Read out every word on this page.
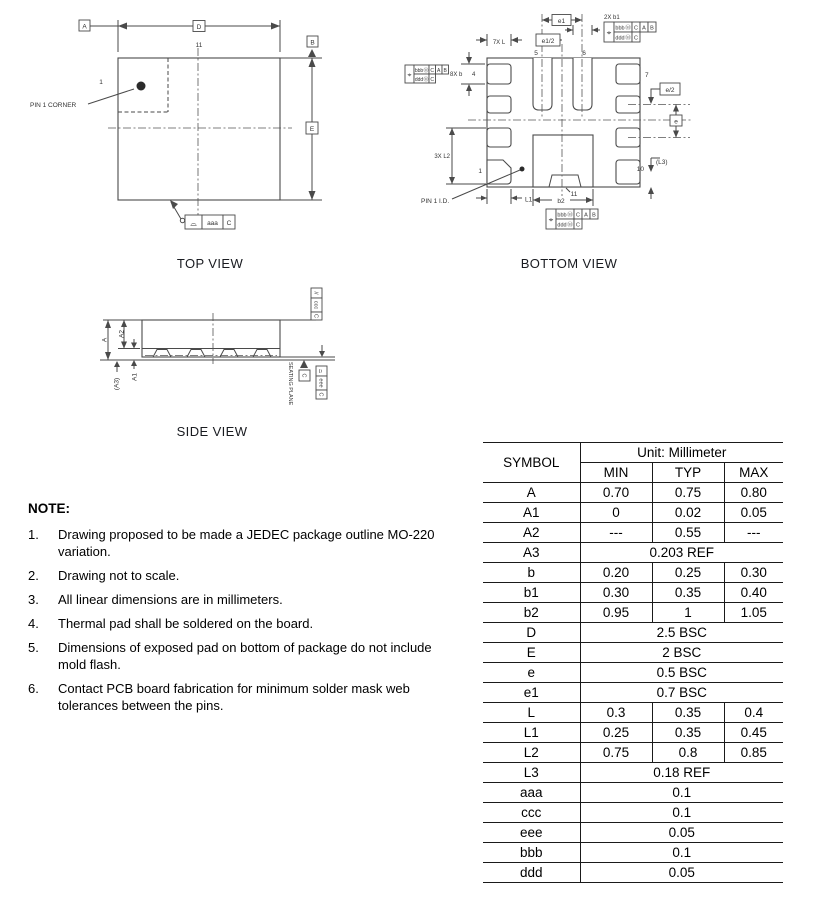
A	D
11
E
B
1
PIN 1 CORNER
⌓ aaa C
e1
e1/2
7X L
2X b1
⌖
bbb Ⓜ C A B
ddd Ⓜ C
8X b 4
⌖
bbb Ⓜ C A B
ddd Ⓜ C
e/2
e
(L3)
10
3X L2
PIN 1 I.D.	L1	b2
11
⌖
bbb Ⓜ C A B
ddd Ⓜ C
5	6
7
1
A
A2
A1
(A3)
//
ccc
C
SEATING PLANE C
⌓
eee
C
TOP VIEW	BOTTOM VIEW
SIDE VIEW
NOTE:
1.	Drawing proposed to be made a JEDEC package outline MO-220 variation.
2.	Drawing not to scale.
3.	All linear dimensions are in millimeters.
4.	Thermal pad shall be soldered on the board.
5.	Dimensions of exposed pad on bottom of package do not include mold flash.
6.	Contact PCB board fabrication for minimum solder mask web tolerances between the pins.
SYMBOL	Unit: Millimeter		
	MIN	TYP	MAX
A	0.70	0.75	0.80
A1	0	0.02	0.05
A2	---	0.55	---
A3	0.203 REF		
b	0.20	0.25	0.30
b1	0.30	0.35	0.40
b2	0.95	1	1.05
D	2.5 BSC		
E	2 BSC		
e	0.5 BSC		
e1	0.7 BSC		
L	0.3	0.35	0.4
L1	0.25	0.35	0.45
L2	0.75	0.8	0.85
L3	0.18 REF		
aaa	0.1		
ccc	0.1		
eee	0.05		
bbb	0.1		
ddd	0.05		
